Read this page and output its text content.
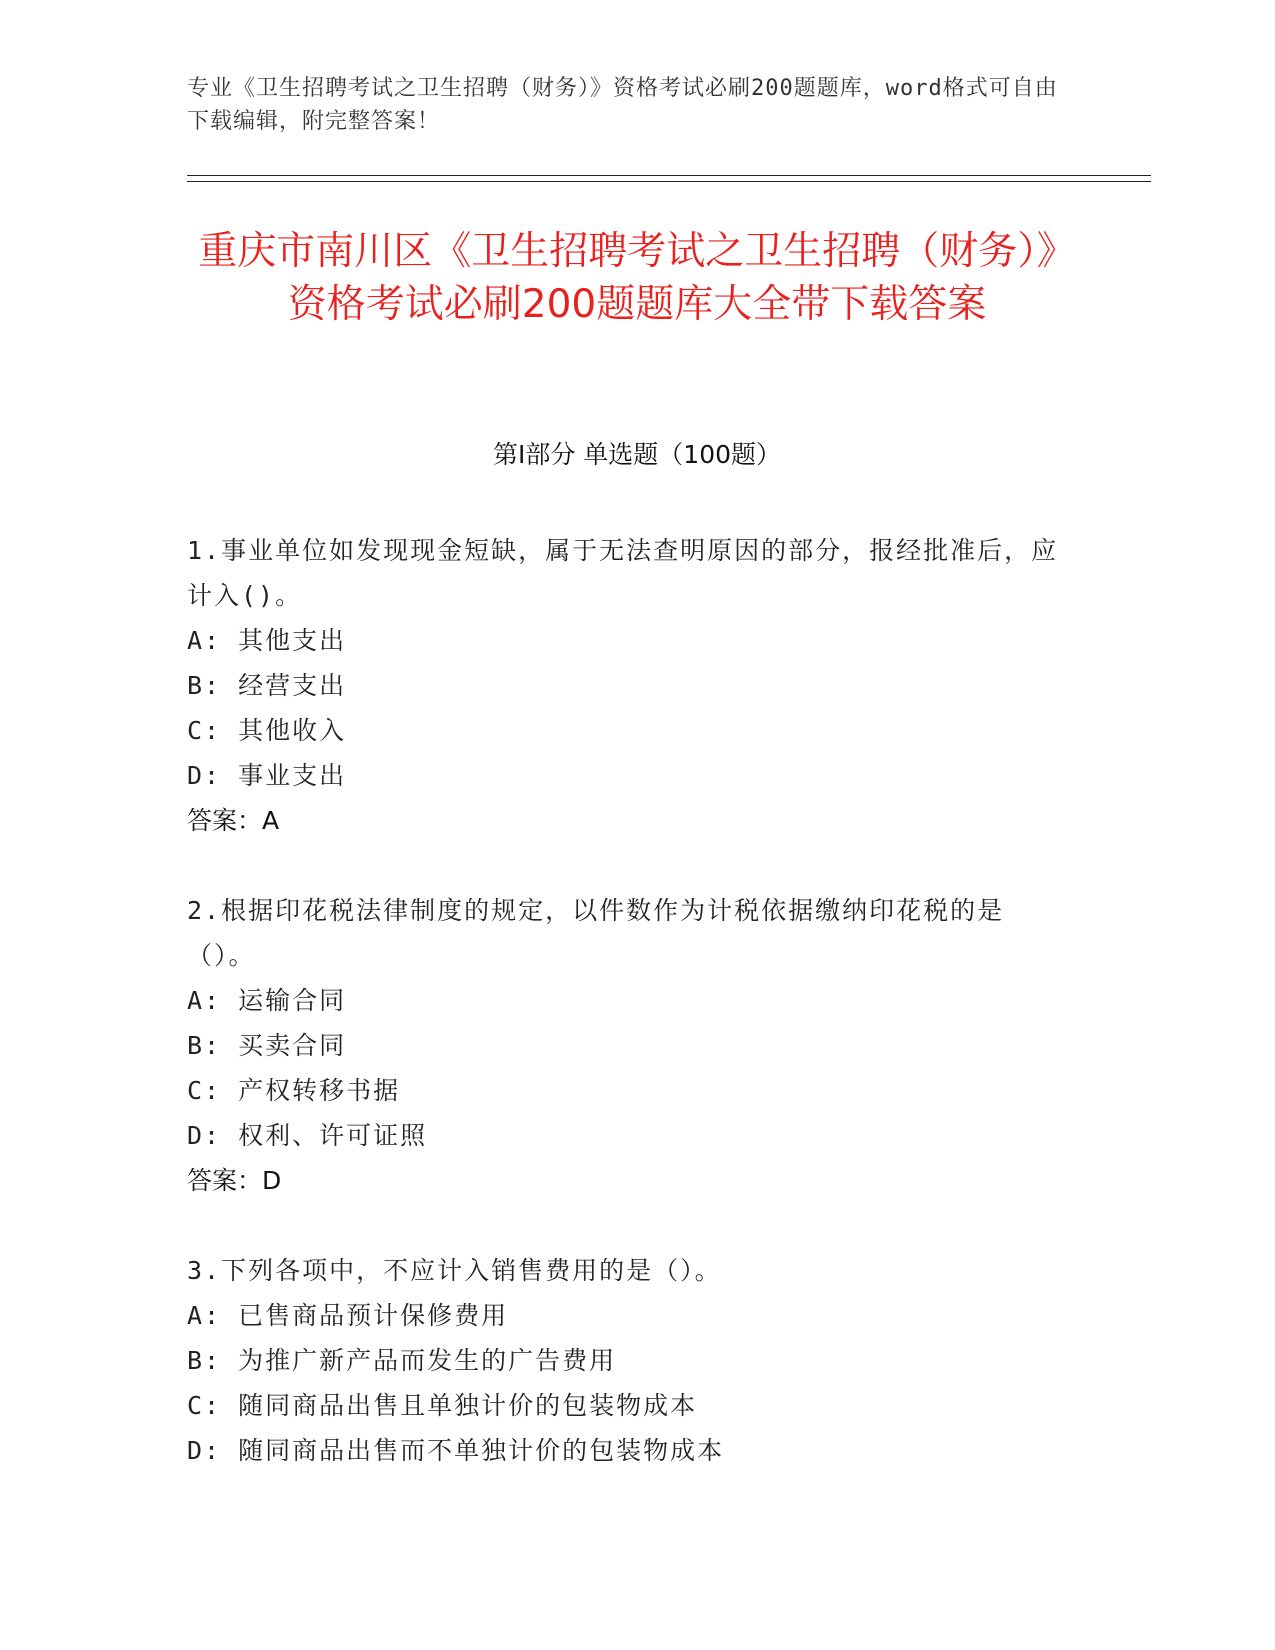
专业《卫生招聘考试之卫生招聘（财务）》资格考试必刷200题题库，word格式可自由下载编辑，附完整答案！
重庆市南川区《卫生招聘考试之卫生招聘（财务）》资格考试必刷200题题库大全带下载答案
第I部分 单选题（100题）

1.事业单位如发现现金短缺，属于无法查明原因的部分，报经批准后，应计入()。

A: 其他支出

B: 经营支出

C: 其他收入

D: 事业支出

答案：A

2.根据印花税法律制度的规定，以件数作为计税依据缴纳印花税的是（）。

A: 运输合同

B: 买卖合同

C: 产权转移书据

D: 权利、许可证照

答案：D

3.下列各项中，不应计入销售费用的是（）。

A: 已售商品预计保修费用

B: 为推广新产品而发生的广告费用

C: 随同商品出售且单独计价的包装物成本

D: 随同商品出售而不单独计价的包装物成本
